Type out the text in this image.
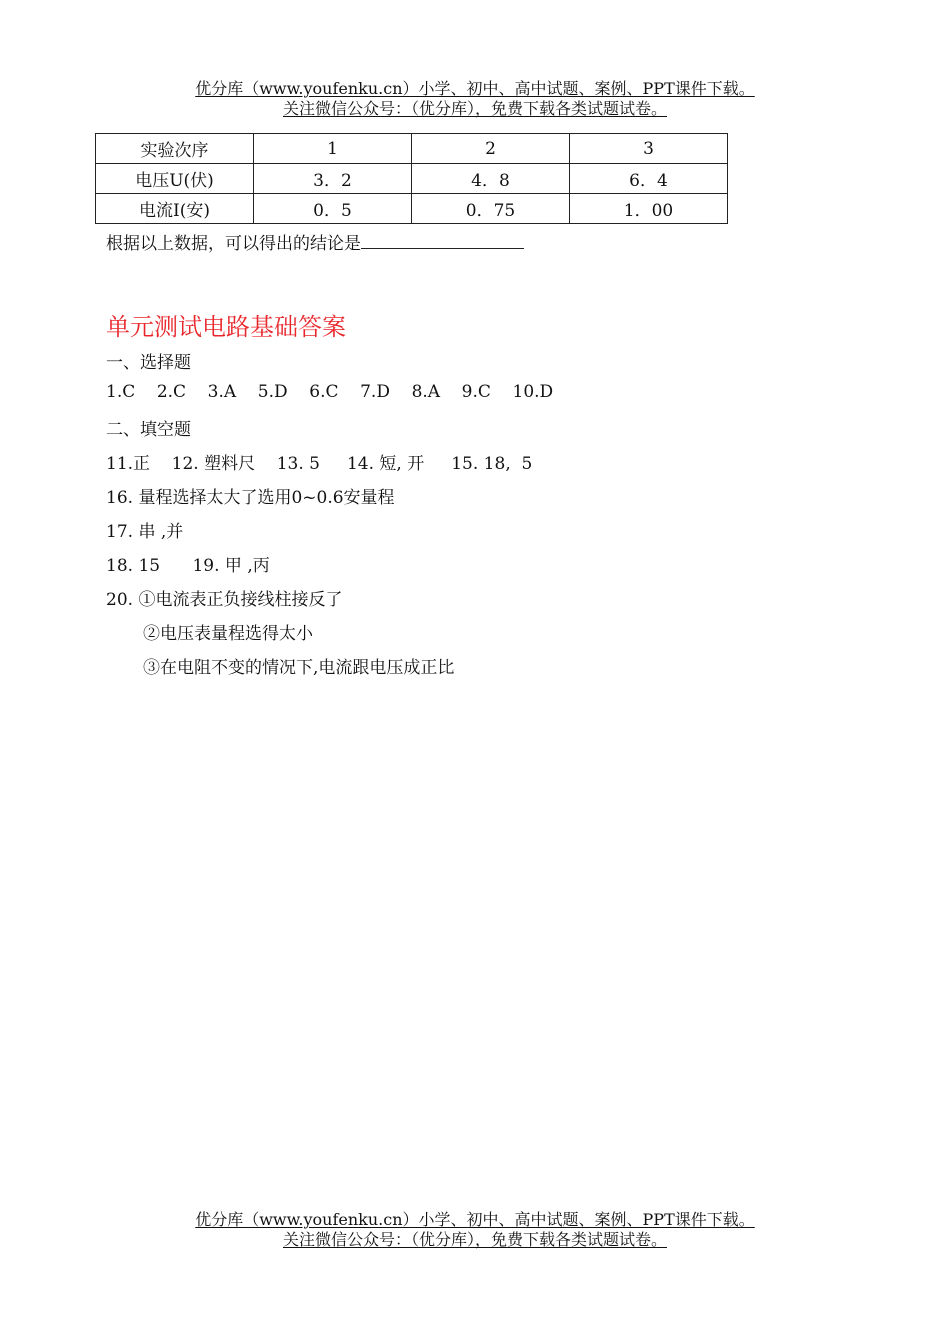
优分库（www.youfenku.cn）小学、初中、高中试题、案例、PPT课件下载。
关注微信公众号：（优分库），免费下载各类试题试卷。
实验次序	1	2	3
电压U(伏)	3．2	4．8	6．4
电流I(安)	0．5	0．75	1．00
根据以上数据，可以得出的结论是
单元测试电路基础答案
一、选择题
1.C    2.C    3.A    5.D    6.C    7.D    8.A    9.C    10.D
二、填空题
11.正    12. 塑料尺    13. 5     14. 短, 开     15. 18,  5
16. 量程选择太大了选用0~0.6安量程
17. 串 ,并
18. 15      19. 甲 ,丙
20. ①电流表正负接线柱接反了
②电压表量程选得太小
③在电阻不变的情况下,电流跟电压成正比
优分库（www.youfenku.cn）小学、初中、高中试题、案例、PPT课件下载。
关注微信公众号：（优分库），免费下载各类试题试卷。
